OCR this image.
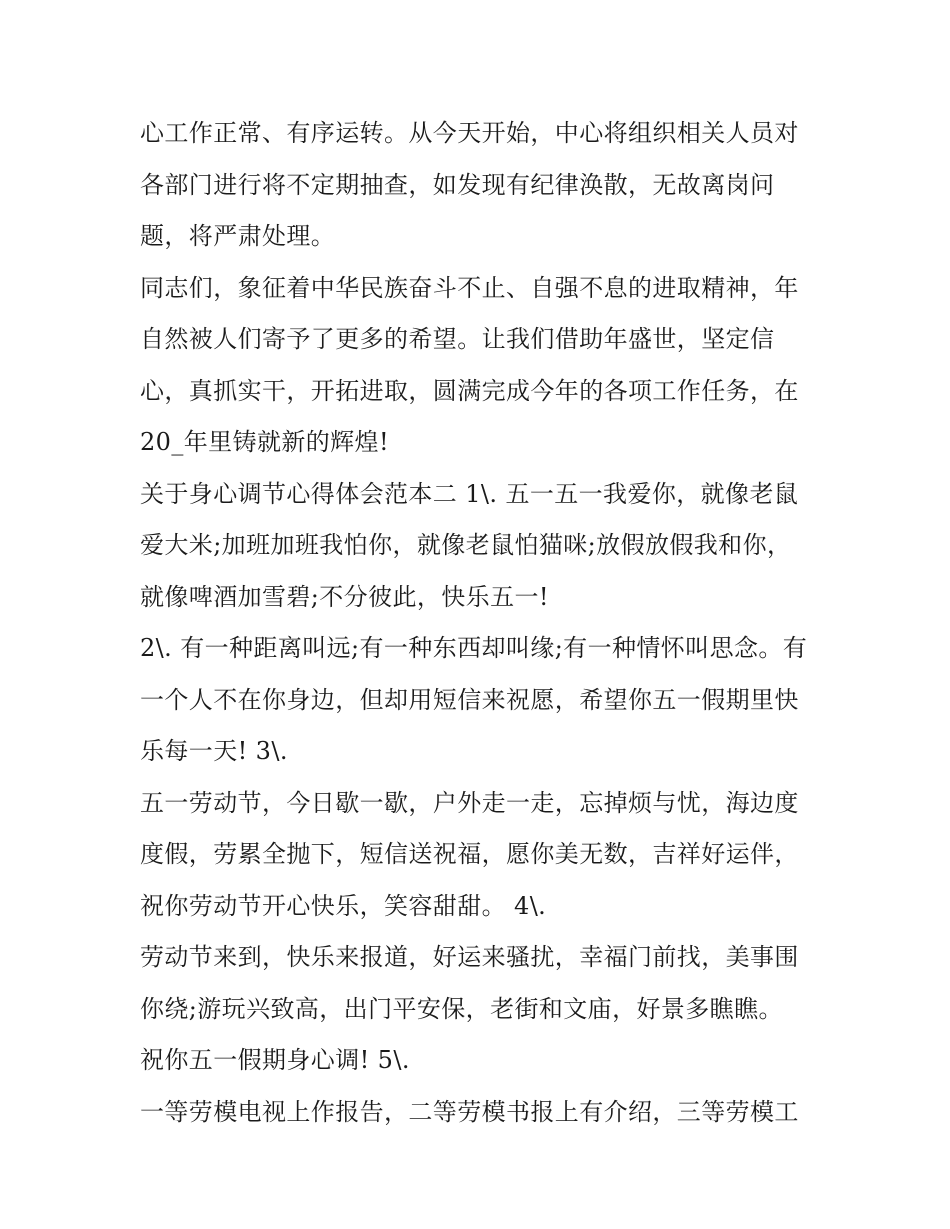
心工作正常、有序运转。从今天开始，中心将组织相关人员对
各部门进行将不定期抽查，如发现有纪律涣散，无故离岗问
题，将严肃处理。
同志们，象征着中华民族奋斗不止、自强不息的进取精神，年
自然被人们寄予了更多的希望。让我们借助年盛世，坚定信
心，真抓实干，开拓进取，圆满完成今年的各项工作任务，在
20_年里铸就新的辉煌!
关于身心调节心得体会范本二 1\. 五一五一我爱你，就像老鼠
爱大米;加班加班我怕你，就像老鼠怕猫咪;放假放假我和你，
就像啤酒加雪碧;不分彼此，快乐五一!
2\. 有一种距离叫远;有一种东西却叫缘;有一种情怀叫思念。有
一个人不在你身边，但却用短信来祝愿，希望你五一假期里快
乐每一天! 3\.
五一劳动节，今日歇一歇，户外走一走，忘掉烦与忧，海边度
度假，劳累全抛下，短信送祝福，愿你美无数，吉祥好运伴，
祝你劳动节开心快乐，笑容甜甜。 4\.
劳动节来到，快乐来报道，好运来骚扰，幸福门前找，美事围
你绕;游玩兴致高，出门平安保，老街和文庙，好景多瞧瞧。
祝你五一假期身心调! 5\.
一等劳模电视上作报告，二等劳模书报上有介绍，三等劳模工
